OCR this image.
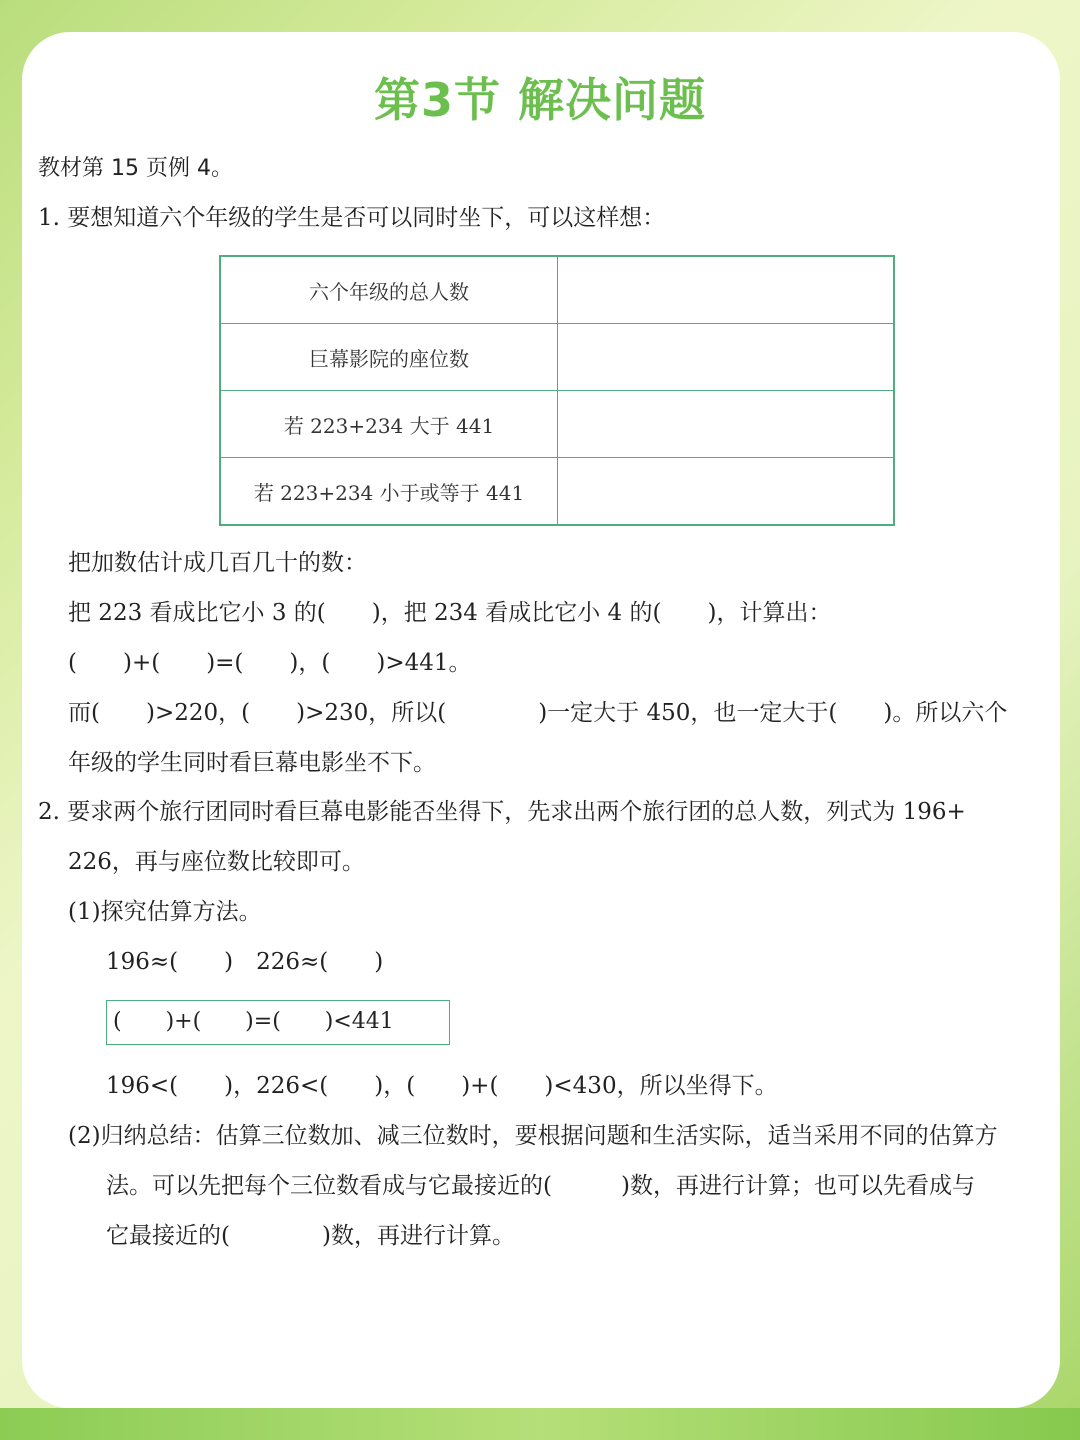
第3节 解决问题
教材第 15 页例 4。
1. 要想知道六个年级的学生是否可以同时坐下，可以这样想：
六个年级的总人数	
巨幕影院的座位数	
若 223+234 大于 441	
若 223+234 小于或等于 441	
把加数估计成几百几十的数：
把 223 看成比它小 3 的(　　)，把 234 看成比它小 4 的(　　)，计算出：
(　　)+(　　)=(　　)，(　　)>441。
而(　　)>220，(　　)>230，所以(　　　　)一定大于 450，也一定大于(　　)。所以六个
年级的学生同时看巨幕电影坐不下。
2. 要求两个旅行团同时看巨幕电影能否坐得下，先求出两个旅行团的总人数，列式为 196+
226，再与座位数比较即可。
(1)探究估算方法。
196≈(　　)　226≈(　　)
(　　)+(　　)=(　　)<441
196<(　　)，226<(　　)，(　　)+(　　)<430，所以坐得下。
(2)归纳总结：估算三位数加、减三位数时，要根据问题和生活实际，适当采用不同的估算方
法。可以先把每个三位数看成与它最接近的(　　　)数，再进行计算；也可以先看成与
它最接近的(　　　　)数，再进行计算。
